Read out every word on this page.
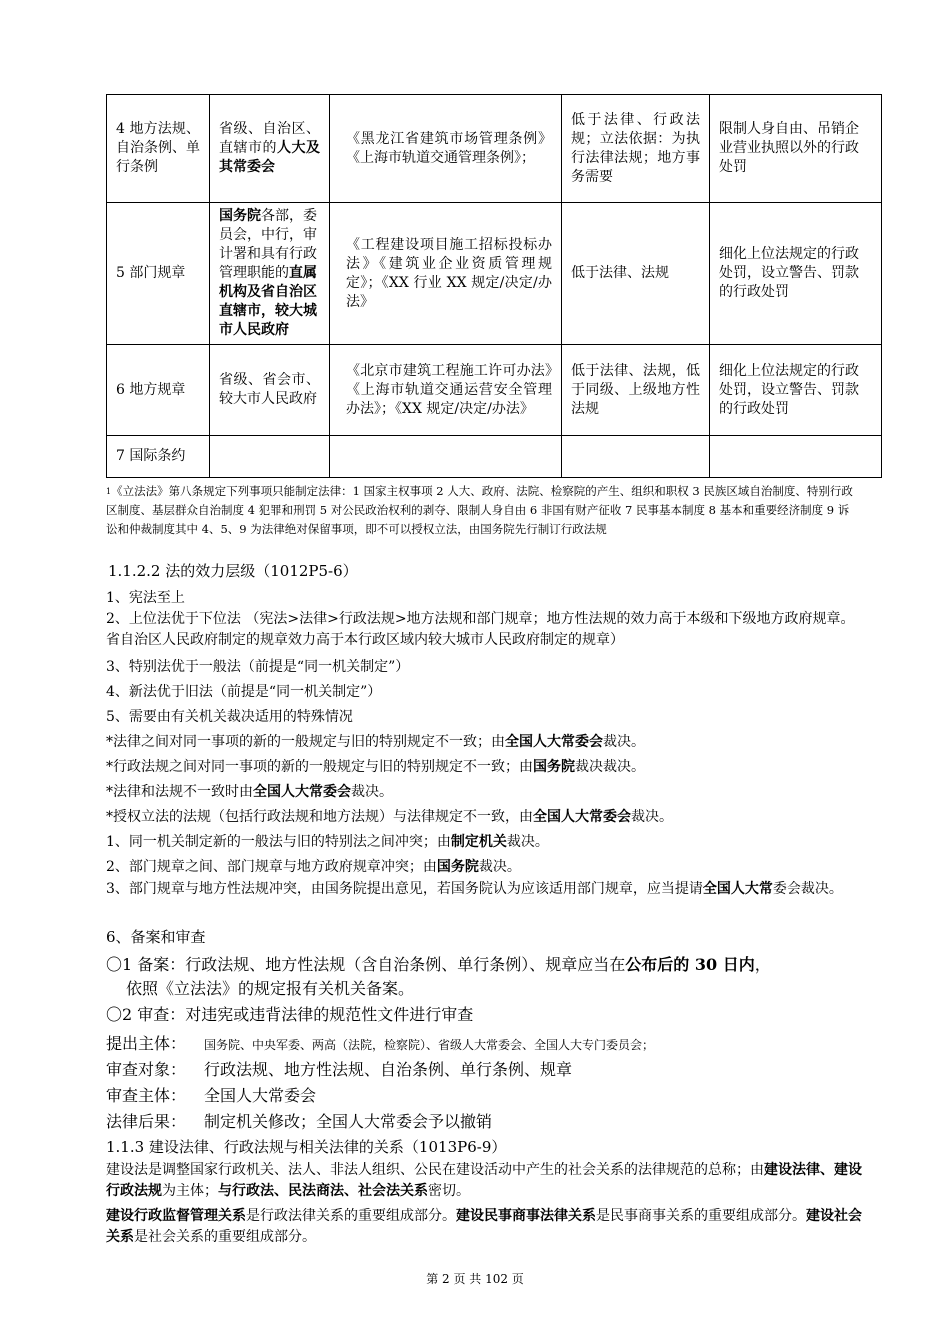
4 地方法规、自治条例、单行条例	省级、自治区、直辖市的人大及其常委会	《黑龙江省建筑市场管理条例》《上海市轨道交通管理条例》；	低于法律、行政法规；立法依据：为执行法律法规；地方事务需要	限制人身自由、吊销企业营业执照以外的行政处罚
5 部门规章	国务院各部，委员会，中行，审计署和具有行政管理职能的直属机构及省自治区直辖市，较大城市人民政府	《工程建设项目施工招标投标办法》《建筑业企业资质管理规定》；《XX 行业 XX 规定/决定/办法》	低于法律、法规	细化上位法规定的行政处罚，设立警告、罚款的行政处罚
6 地方规章	省级、省会市、较大市人民政府	《北京市建筑工程施工许可办法》《上海市轨道交通运营安全管理办法》；《XX 规定/决定/办法》	低于法律、法规，低于同级、上级地方性法规	细化上位法规定的行政处罚，设立警告、罚款的行政处罚
7 国际条约				
$^1$《立法法》第八条规定下列事项只能制定法律：1 国家主权事项 2 人大、政府、法院、检察院的产生、组织和职权 3 民族区域自治制度、特别行政区制度、基层群众自治制度 4 犯罪和刑罚 5 对公民政治权利的剥夺、限制人身自由 6 非国有财产征收 7 民事基本制度 8 基本和重要经济制度 9 诉讼和仲裁制度其中 4、5、9 为法律绝对保留事项，即不可以授权立法，由国务院先行制订行政法规
1.1.2.2 法的效力层级（1012P5-6）
1、宪法至上
2、上位法优于下位法 （宪法>法律>行政法规>地方法规和部门规章；地方性法规的效力高于本级和下级地方政府规章。省自治区人民政府制定的规章效力高于本行政区域内较大城市人民政府制定的规章）
3、特别法优于一般法（前提是“同一机关制定”）
4、新法优于旧法（前提是“同一机关制定”）
5、需要由有关机关裁决适用的特殊情况
*法律之间对同一事项的新的一般规定与旧的特别规定不一致；由全国人大常委会裁决。
*行政法规之间对同一事项的新的一般规定与旧的特别规定不一致；由国务院裁决裁决。
*法律和法规不一致时由全国人大常委会裁决。
*授权立法的法规（包括行政法规和地方法规）与法律规定不一致，由全国人大常委会裁决。
1、同一机关制定新的一般法与旧的特别法之间冲突；由制定机关裁决。
2、部门规章之间、部门规章与地方政府规章冲突；由国务院裁决。
3、部门规章与地方性法规冲突，由国务院提出意见，若国务院认为应该适用部门规章，应当提请全国人大常委会裁决。
6、备案和审查
〇1 备案：行政法规、地方性法规（含自治条例、单行条例）、规章应当在公布后的 30 日内，
依照《立法法》的规定报有关机关备案。
〇2 审查：对违宪或违背法律的规范性文件进行审查
提出主体： 国务院、中央军委、两高（法院，检察院）、省级人大常委会、全国人大专门委员会；
审查对象： 行政法规、地方性法规、自治条例、单行条例、规章
审查主体： 全国人大常委会
法律后果： 制定机关修改；全国人大常委会予以撤销
1.1.3 建设法律、行政法规与相关法律的关系（1013P6-9）
建设法是调整国家行政机关、法人、非法人组织、公民在建设活动中产生的社会关系的法律规范的总称；由建设法律、建设行政法规为主体；与行政法、民法商法、社会法关系密切。
建设行政监督管理关系是行政法律关系的重要组成部分。建设民事商事法律关系是民事商事关系的重要组成部分。建设社会关系是社会关系的重要组成部分。
第 2 页 共 102 页
